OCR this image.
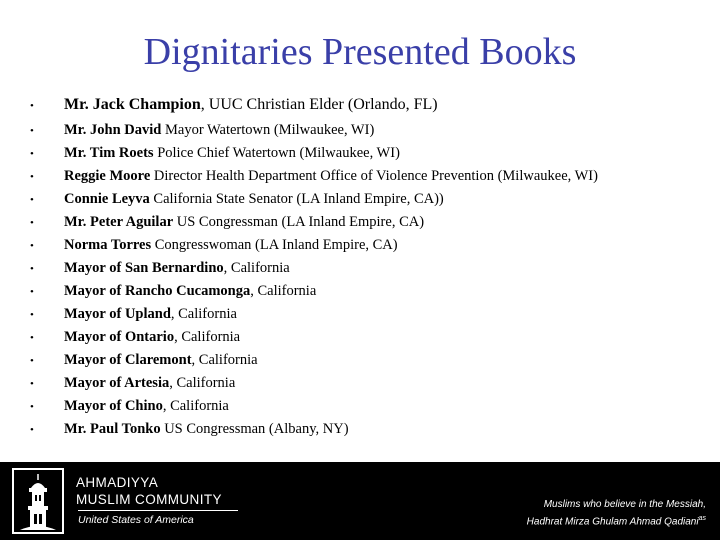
Dignitaries Presented Books
• Mr. Jack Champion, UUC Christian Elder (Orlando, FL)
• Mr. John David Mayor Watertown (Milwaukee, WI)
• Mr. Tim Roets Police Chief Watertown (Milwaukee, WI)
• Reggie Moore Director Health Department Office of Violence Prevention (Milwaukee, WI)
• Connie Leyva California State Senator (LA Inland Empire, CA))
• Mr. Peter Aguilar US Congressman (LA Inland Empire, CA)
• Norma Torres Congresswoman (LA Inland Empire, CA)
• Mayor of San Bernardino, California
• Mayor of Rancho Cucamonga, California
• Mayor of Upland, California
• Mayor of Ontario, California
• Mayor of Claremont, California
• Mayor of Artesia, California
• Mayor of Chino, California
• Mr. Paul Tonko US Congressman (Albany, NY)
AHMADIYYA
MUSLIM COMMUNITY
United States of America
Muslims who believe in the Messiah,
Hadhrat Mirza Ghulam Ahmad Qadiani$^{as}$
